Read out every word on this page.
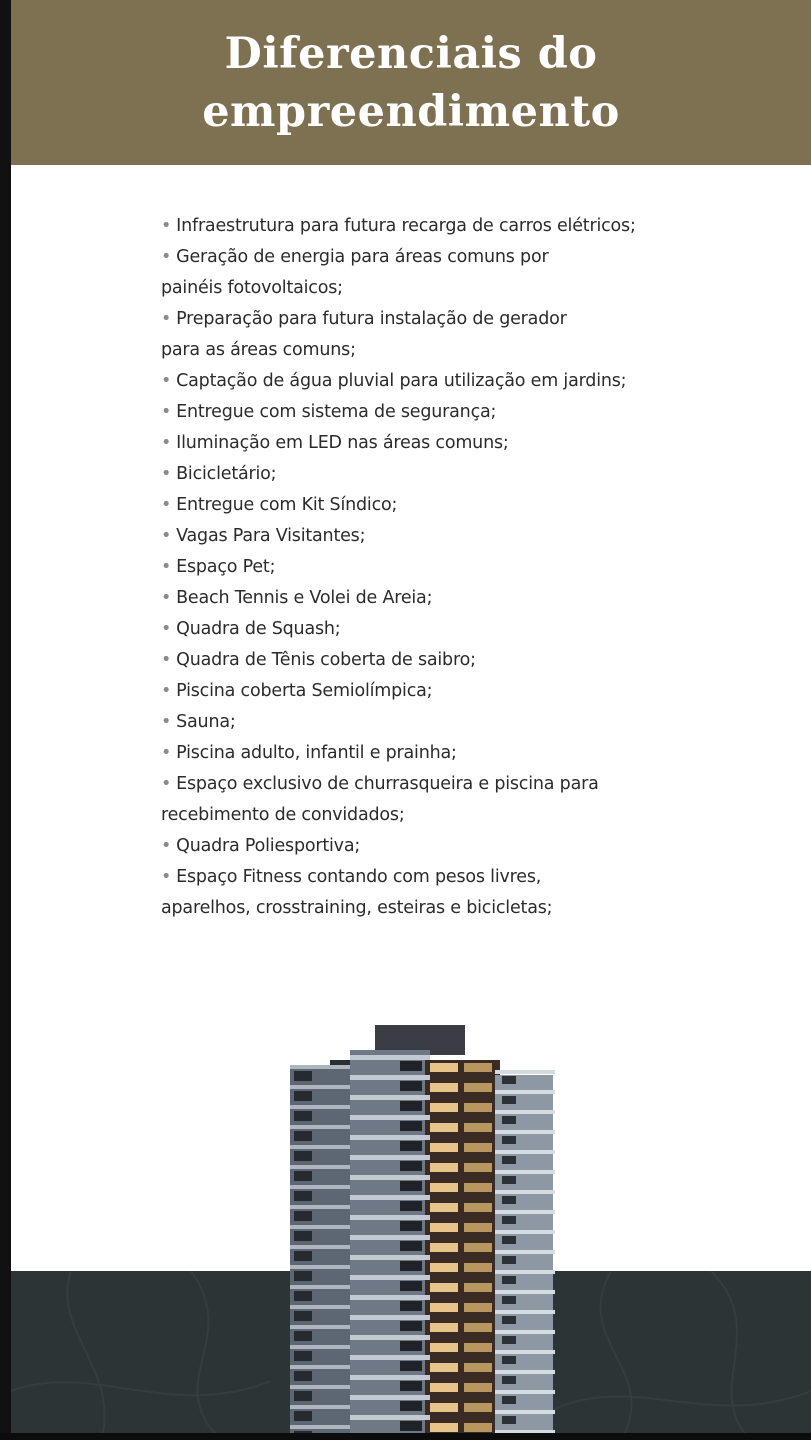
Diferenciais do empreendimento
• Infraestrutura para futura recarga de carros elétricos;
• Geração de energia para áreas comuns por
painéis fotovoltaicos;
• Preparação para futura instalação de gerador
para as áreas comuns;
• Captação de água pluvial para utilização em jardins;
• Entregue com sistema de segurança;
• Iluminação em LED nas áreas comuns;
• Bicicletário;
• Entregue com Kit Síndico;
• Vagas Para Visitantes;
• Espaço Pet;
• Beach Tennis e Volei de Areia;
• Quadra de Squash;
• Quadra de Tênis coberta de saibro;
• Piscina coberta Semiolímpica;
• Sauna;
• Piscina adulto, infantil e prainha;
• Espaço exclusivo de churrasqueira e piscina para
recebimento de convidados;
• Quadra Poliesportiva;
• Espaço Fitness contando com pesos livres,
aparelhos, crosstraining, esteiras e bicicletas;
